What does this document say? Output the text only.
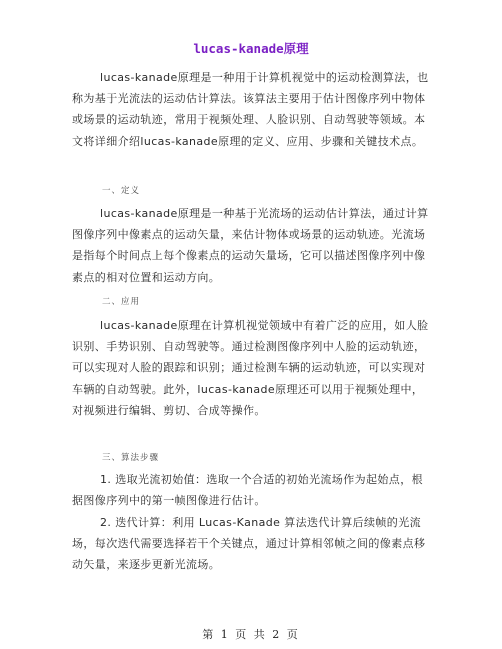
lucas-kanade原理

lucas-kanade原理是一种用于计算机视觉中的运动检测算法，也称为基于光流法的运动估计算法。该算法主要用于估计图像序列中物体或场景的运动轨迹，常用于视频处理、人脸识别、自动驾驶等领域。本文将详细介绍lucas-kanade原理的定义、应用、步骤和关键技术点。

一、定义

lucas-kanade原理是一种基于光流场的运动估计算法，通过计算图像序列中像素点的运动矢量，来估计物体或场景的运动轨迹。光流场是指每个时间点上每个像素点的运动矢量场，它可以描述图像序列中像素点的相对位置和运动方向。

二、应用

lucas-kanade原理在计算机视觉领域中有着广泛的应用，如人脸识别、手势识别、自动驾驶等。通过检测图像序列中人脸的运动轨迹，可以实现对人脸的跟踪和识别；通过检测车辆的运动轨迹，可以实现对车辆的自动驾驶。此外，lucas-kanade原理还可以用于视频处理中，对视频进行编辑、剪切、合成等操作。

三、算法步骤

1. 选取光流初始值：选取一个合适的初始光流场作为起始点，根据图像序列中的第一帧图像进行估计。

2. 迭代计算：利用 Lucas-Kanade 算法迭代计算后续帧的光流场，每次迭代需要选择若干个关键点，通过计算相邻帧之间的像素点移动矢量，来逐步更新光流场。

第 1 页 共 2 页
